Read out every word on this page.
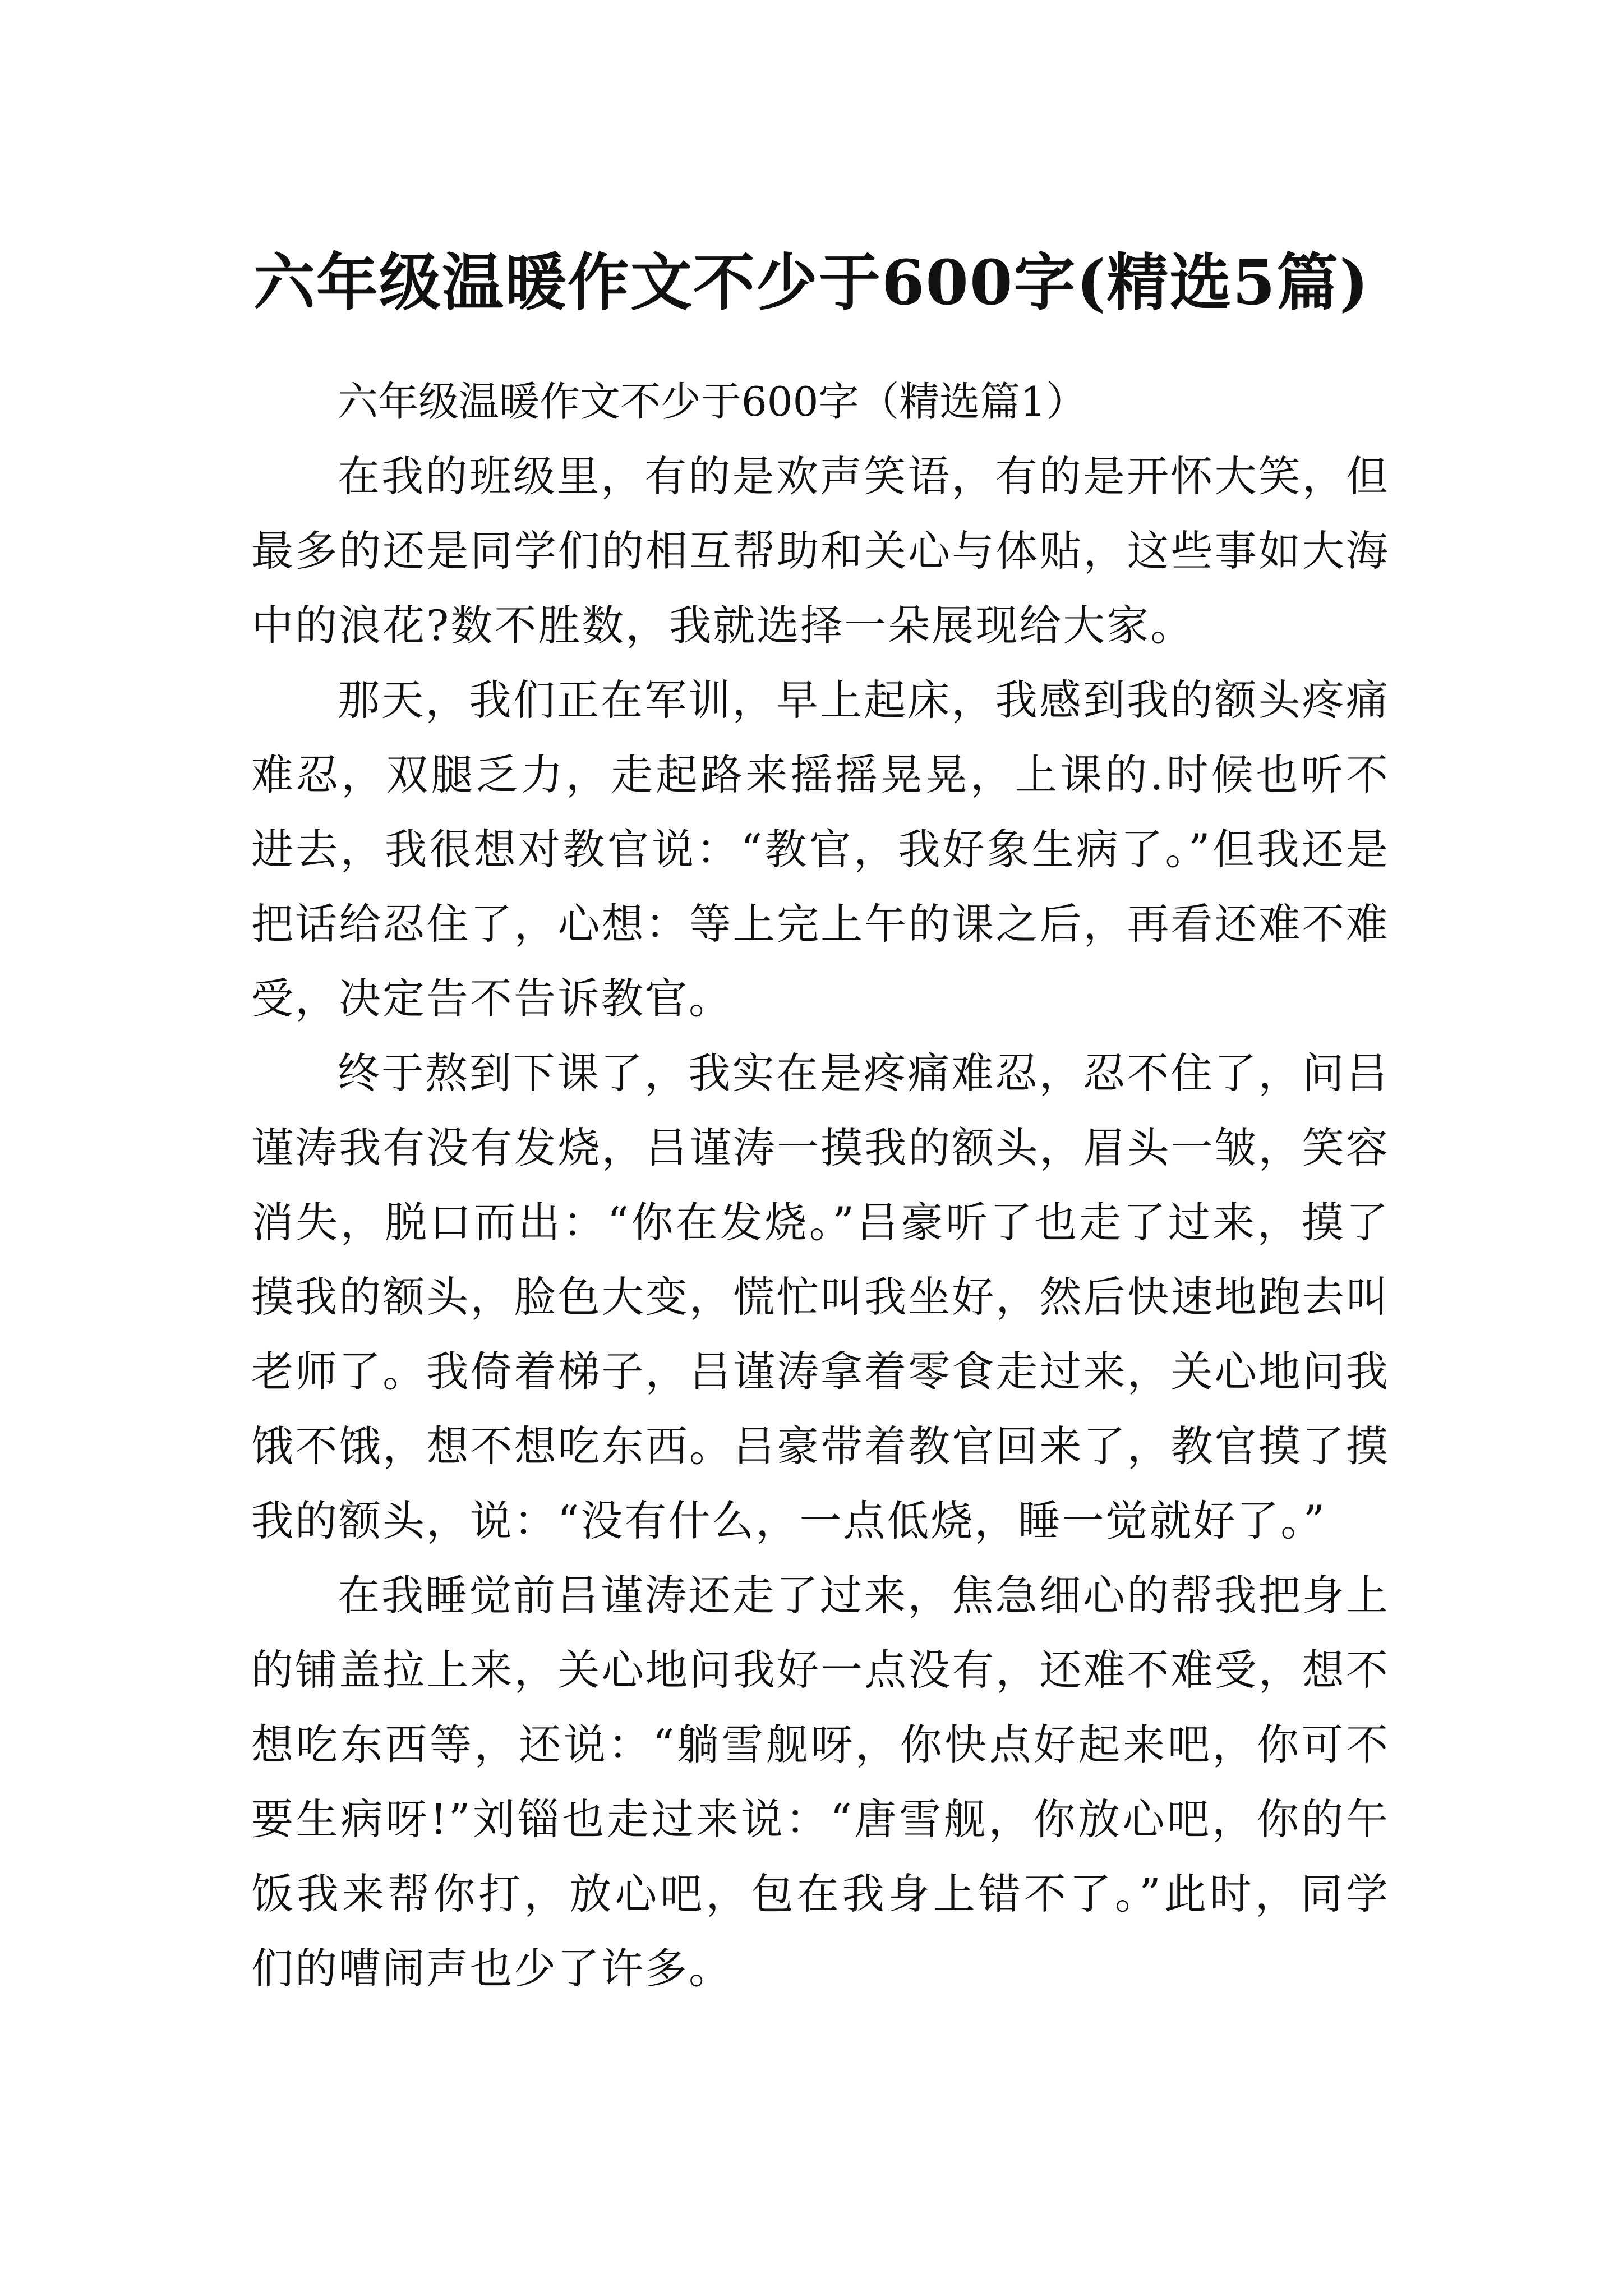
六年级温暖作文不少于600字(精选5篇)

六年级温暖作文不少于600字（精选篇1）

在我的班级里，有的是欢声笑语，有的是开怀大笑，但最多的还是同学们的相互帮助和关心与体贴，这些事如大海中的浪花?数不胜数，我就选择一朵展现给大家。

那天，我们正在军训，早上起床，我感到我的额头疼痛难忍，双腿乏力，走起路来摇摇晃晃，上课的.时候也听不进去，我很想对教官说：“教官，我好象生病了。”但我还是把话给忍住了，心想：等上完上午的课之后，再看还难不难受，决定告不告诉教官。

终于熬到下课了，我实在是疼痛难忍，忍不住了，问吕谨涛我有没有发烧，吕谨涛一摸我的额头，眉头一皱，笑容消失，脱口而出：“你在发烧。”吕豪听了也走了过来，摸了摸我的额头，脸色大变，慌忙叫我坐好，然后快速地跑去叫老师了。我倚着梯子，吕谨涛拿着零食走过来，关心地问我饿不饿，想不想吃东西。吕豪带着教官回来了，教官摸了摸我的额头，说：“没有什么，一点低烧，睡一觉就好了。”

在我睡觉前吕谨涛还走了过来，焦急细心的帮我把身上的铺盖拉上来，关心地问我好一点没有，还难不难受，想不想吃东西等，还说：“躺雪舰呀，你快点好起来吧，你可不要生病呀!”刘锱也走过来说：“唐雪舰，你放心吧，你的午饭我来帮你打，放心吧，包在我身上错不了。”此时，同学们的嘈闹声也少了许多。
